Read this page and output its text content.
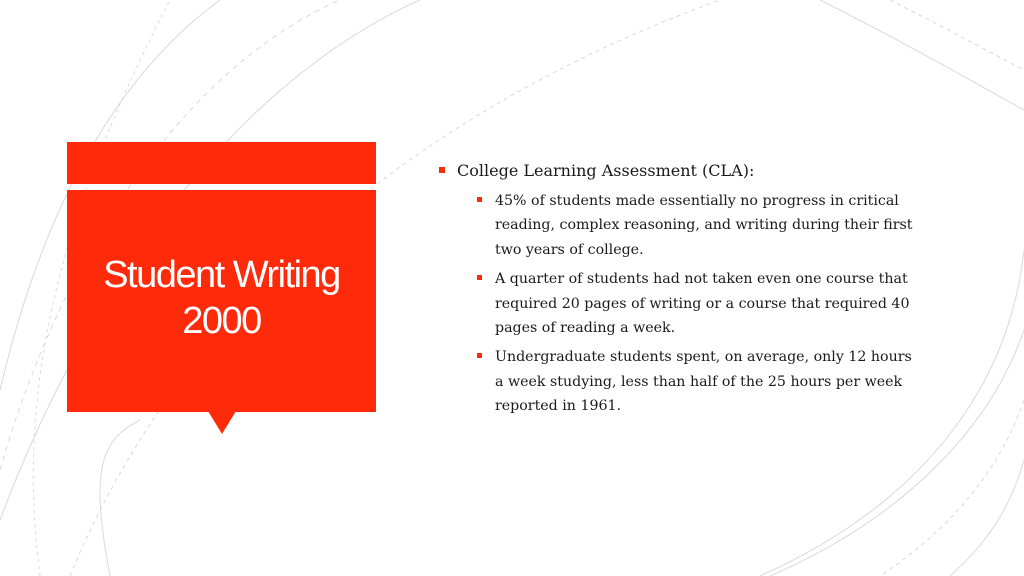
Student Writing
2000
College Learning Assessment (CLA):
45% of students made essentially no progress in critical
reading, complex reasoning, and writing during their first
two years of college.
A quarter of students had not taken even one course that
required 20 pages of writing or a course that required 40
pages of reading a week.
Undergraduate students spent, on average, only 12 hours
a week studying, less than half of the 25 hours per week
reported in 1961.
